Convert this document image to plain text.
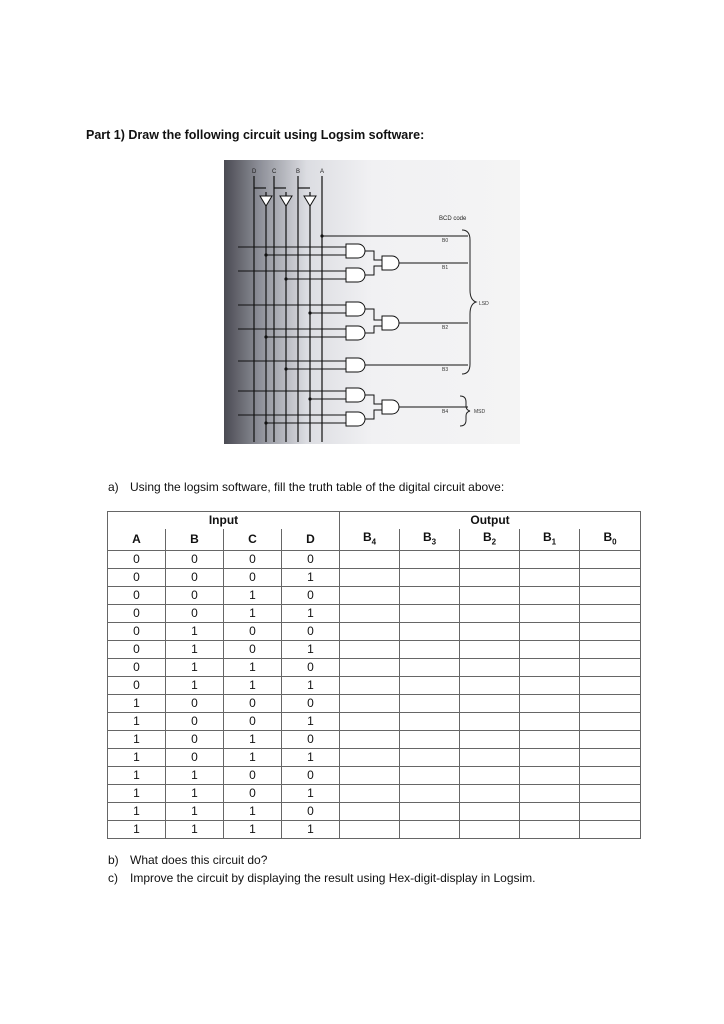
Part 1) Draw the following circuit using Logsim software:
D	C	B	A
BCD code
B0
B1
B2
B3
B4
LSD
MSD
a) Using the logsim software, fill the truth table of the digital circuit above:
Input				Output				
A	B	C	D	$B_4$	$B_3$	$B_2$	$B_1$	$B_0$
0	0	0	0					
0	0	0	1					
0	0	1	0					
0	0	1	1					
0	1	0	0					
0	1	0	1					
0	1	1	0					
0	1	1	1					
1	0	0	0					
1	0	0	1					
1	0	1	0					
1	0	1	1					
1	1	0	0					
1	1	0	1					
1	1	1	0					
1	1	1	1					
b) What does this circuit do?
c) Improve the circuit by displaying the result using Hex-digit-display in Logsim.
